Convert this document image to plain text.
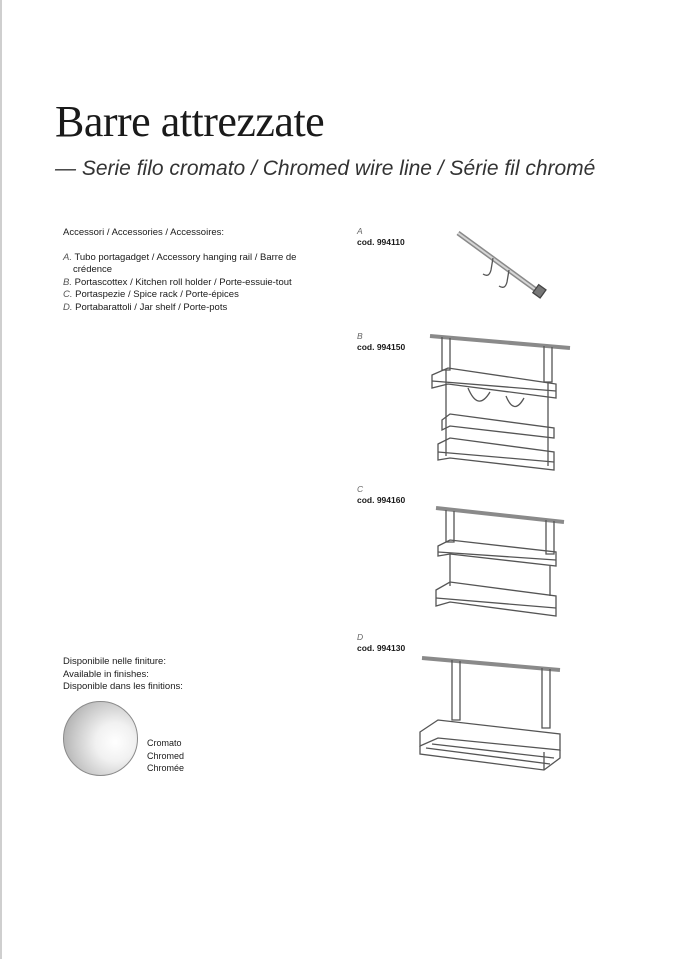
Barre attrezzate
— Serie filo cromato / Chromed wire line / Série fil chromé
Accessori / Accessories / Accessoires:
A. Tubo portagadget / Accessory hanging rail / Barre de crédence
B. Portascottex / Kitchen roll holder / Porte-essuie-tout
C. Portaspezie / Spice rack / Porte-épices
D. Portabarattoli / Jar shelf / Porte-pots
A
cod. 994110
B
cod. 994150
C
cod. 994160
D
cod. 994130
Disponibile nelle finiture:
Available in finishes:
Disponible dans les finitions:
Cromato
Chromed
Chromée
